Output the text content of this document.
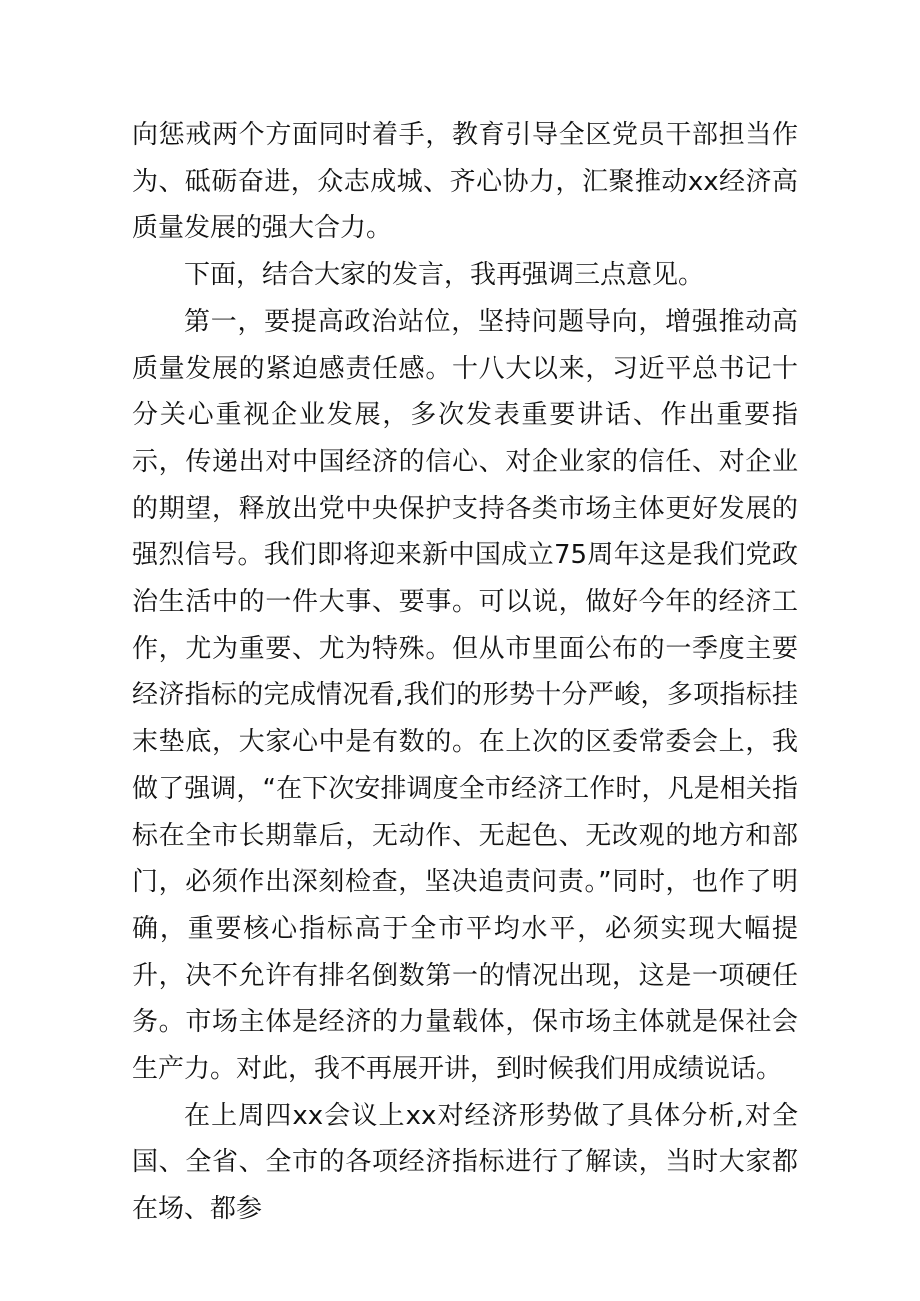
向惩戒两个方面同时着手，教育引导全区党员干部担当作为、砥砺奋进，众志成城、齐心协力，汇聚推动xx经济高质量发展的强大合力。

下面，结合大家的发言，我再强调三点意见。

第一，要提高政治站位，坚持问题导向，增强推动高质量发展的紧迫感责任感。十八大以来，习近平总书记十分关心重视企业发展，多次发表重要讲话、作出重要指示，传递出对中国经济的信心、对企业家的信任、对企业的期望，释放出党中央保护支持各类市场主体更好发展的强烈信号。我们即将迎来新中国成立75周年这是我们党政治生活中的一件大事、要事。可以说，做好今年的经济工作，尤为重要、尤为特殊。但从市里面公布的一季度主要经济指标的完成情况看,我们的形势十分严峻，多项指标挂末垫底，大家心中是有数的。在上次的区委常委会上，我做了强调，“在下次安排调度全市经济工作时，凡是相关指标在全市长期靠后，无动作、无起色、无改观的地方和部门，必须作出深刻检查，坚决追责问责。”同时，也作了明确，重要核心指标高于全市平均水平，必须实现大幅提升，决不允许有排名倒数第一的情况出现，这是一项硬任务。市场主体是经济的力量载体，保市场主体就是保社会生产力。对此，我不再展开讲，到时候我们用成绩说话。

在上周四xx会议上xx对经济形势做了具体分析,对全国、全省、全市的各项经济指标进行了解读，当时大家都在场、都参
